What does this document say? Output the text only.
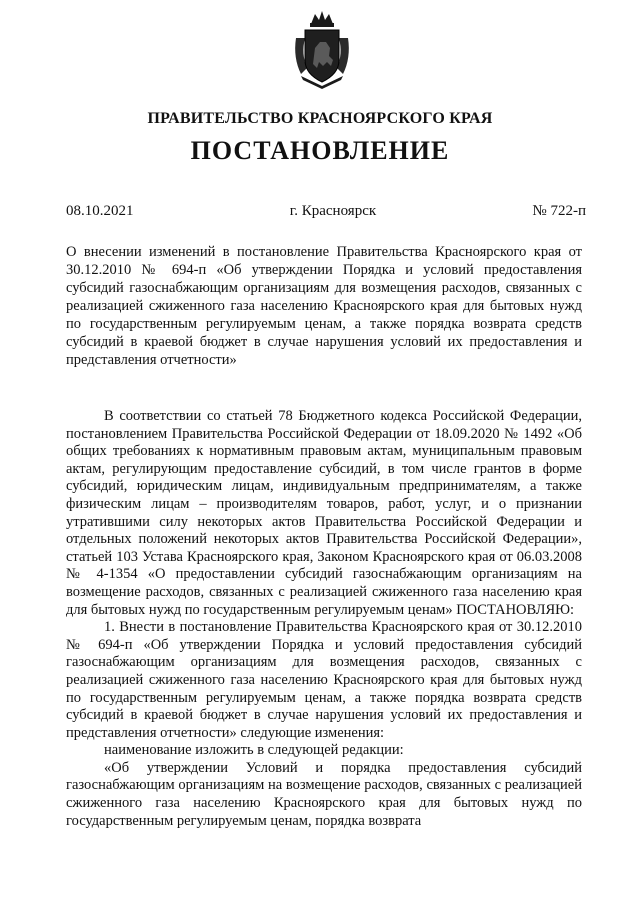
ПРАВИТЕЛЬСТВО КРАСНОЯРСКОГО КРАЯ
ПОСТАНОВЛЕНИЕ
08.10.2021	г. Красноярск	№ 722-п
О внесении изменений в постановление Правительства Красноярского края от 30.12.2010 № 694-п «Об утверждении Порядка и условий предоставления субсидий газоснабжающим организациям для возмещения расходов, связанных с реализацией сжиженного газа населению Красноярского края для бытовых нужд по государственным регулируемым ценам, а также порядка возврата средств субсидий в краевой бюджет в случае нарушения условий их предоставления и представления отчетности»

В соответствии со статьей 78 Бюджетного кодекса Российской Федерации, постановлением Правительства Российской Федерации от 18.09.2020 № 1492 «Об общих требованиях к нормативным правовым актам, муниципальным правовым актам, регулирующим предоставление субсидий, в том числе грантов в форме субсидий, юридическим лицам, индивидуальным предпринимателям, а также физическим лицам – производителям товаров, работ, услуг, и о признании утратившими силу некоторых актов Правительства Российской Федерации и отдельных положений некоторых актов Правительства Российской Федерации», статьей 103 Устава Красноярского края, Законом Красноярского края от 06.03.2008 № 4-1354 «О предоставлении субсидий газоснабжающим организациям на возмещение расходов, связанных с реализацией сжиженного газа населению края для бытовых нужд по государственным регулируемым ценам» ПОСТАНОВЛЯЮ:

1. Внести в постановление Правительства Красноярского края от 30.12.2010 № 694-п «Об утверждении Порядка и условий предоставления субсидий газоснабжающим организациям для возмещения расходов, связанных с реализацией сжиженного газа населению Красноярского края для бытовых нужд по государственным регулируемым ценам, а также порядка возврата средств субсидий в краевой бюджет в случае нарушения условий их предоставления и представления отчетности» следующие изменения:

наименование изложить в следующей редакции:

«Об утверждении Условий и порядка предоставления субсидий газоснабжающим организациям на возмещение расходов, связанных с реализацией сжиженного газа населению Красноярского края для бытовых нужд по государственным регулируемым ценам, порядка возврата
